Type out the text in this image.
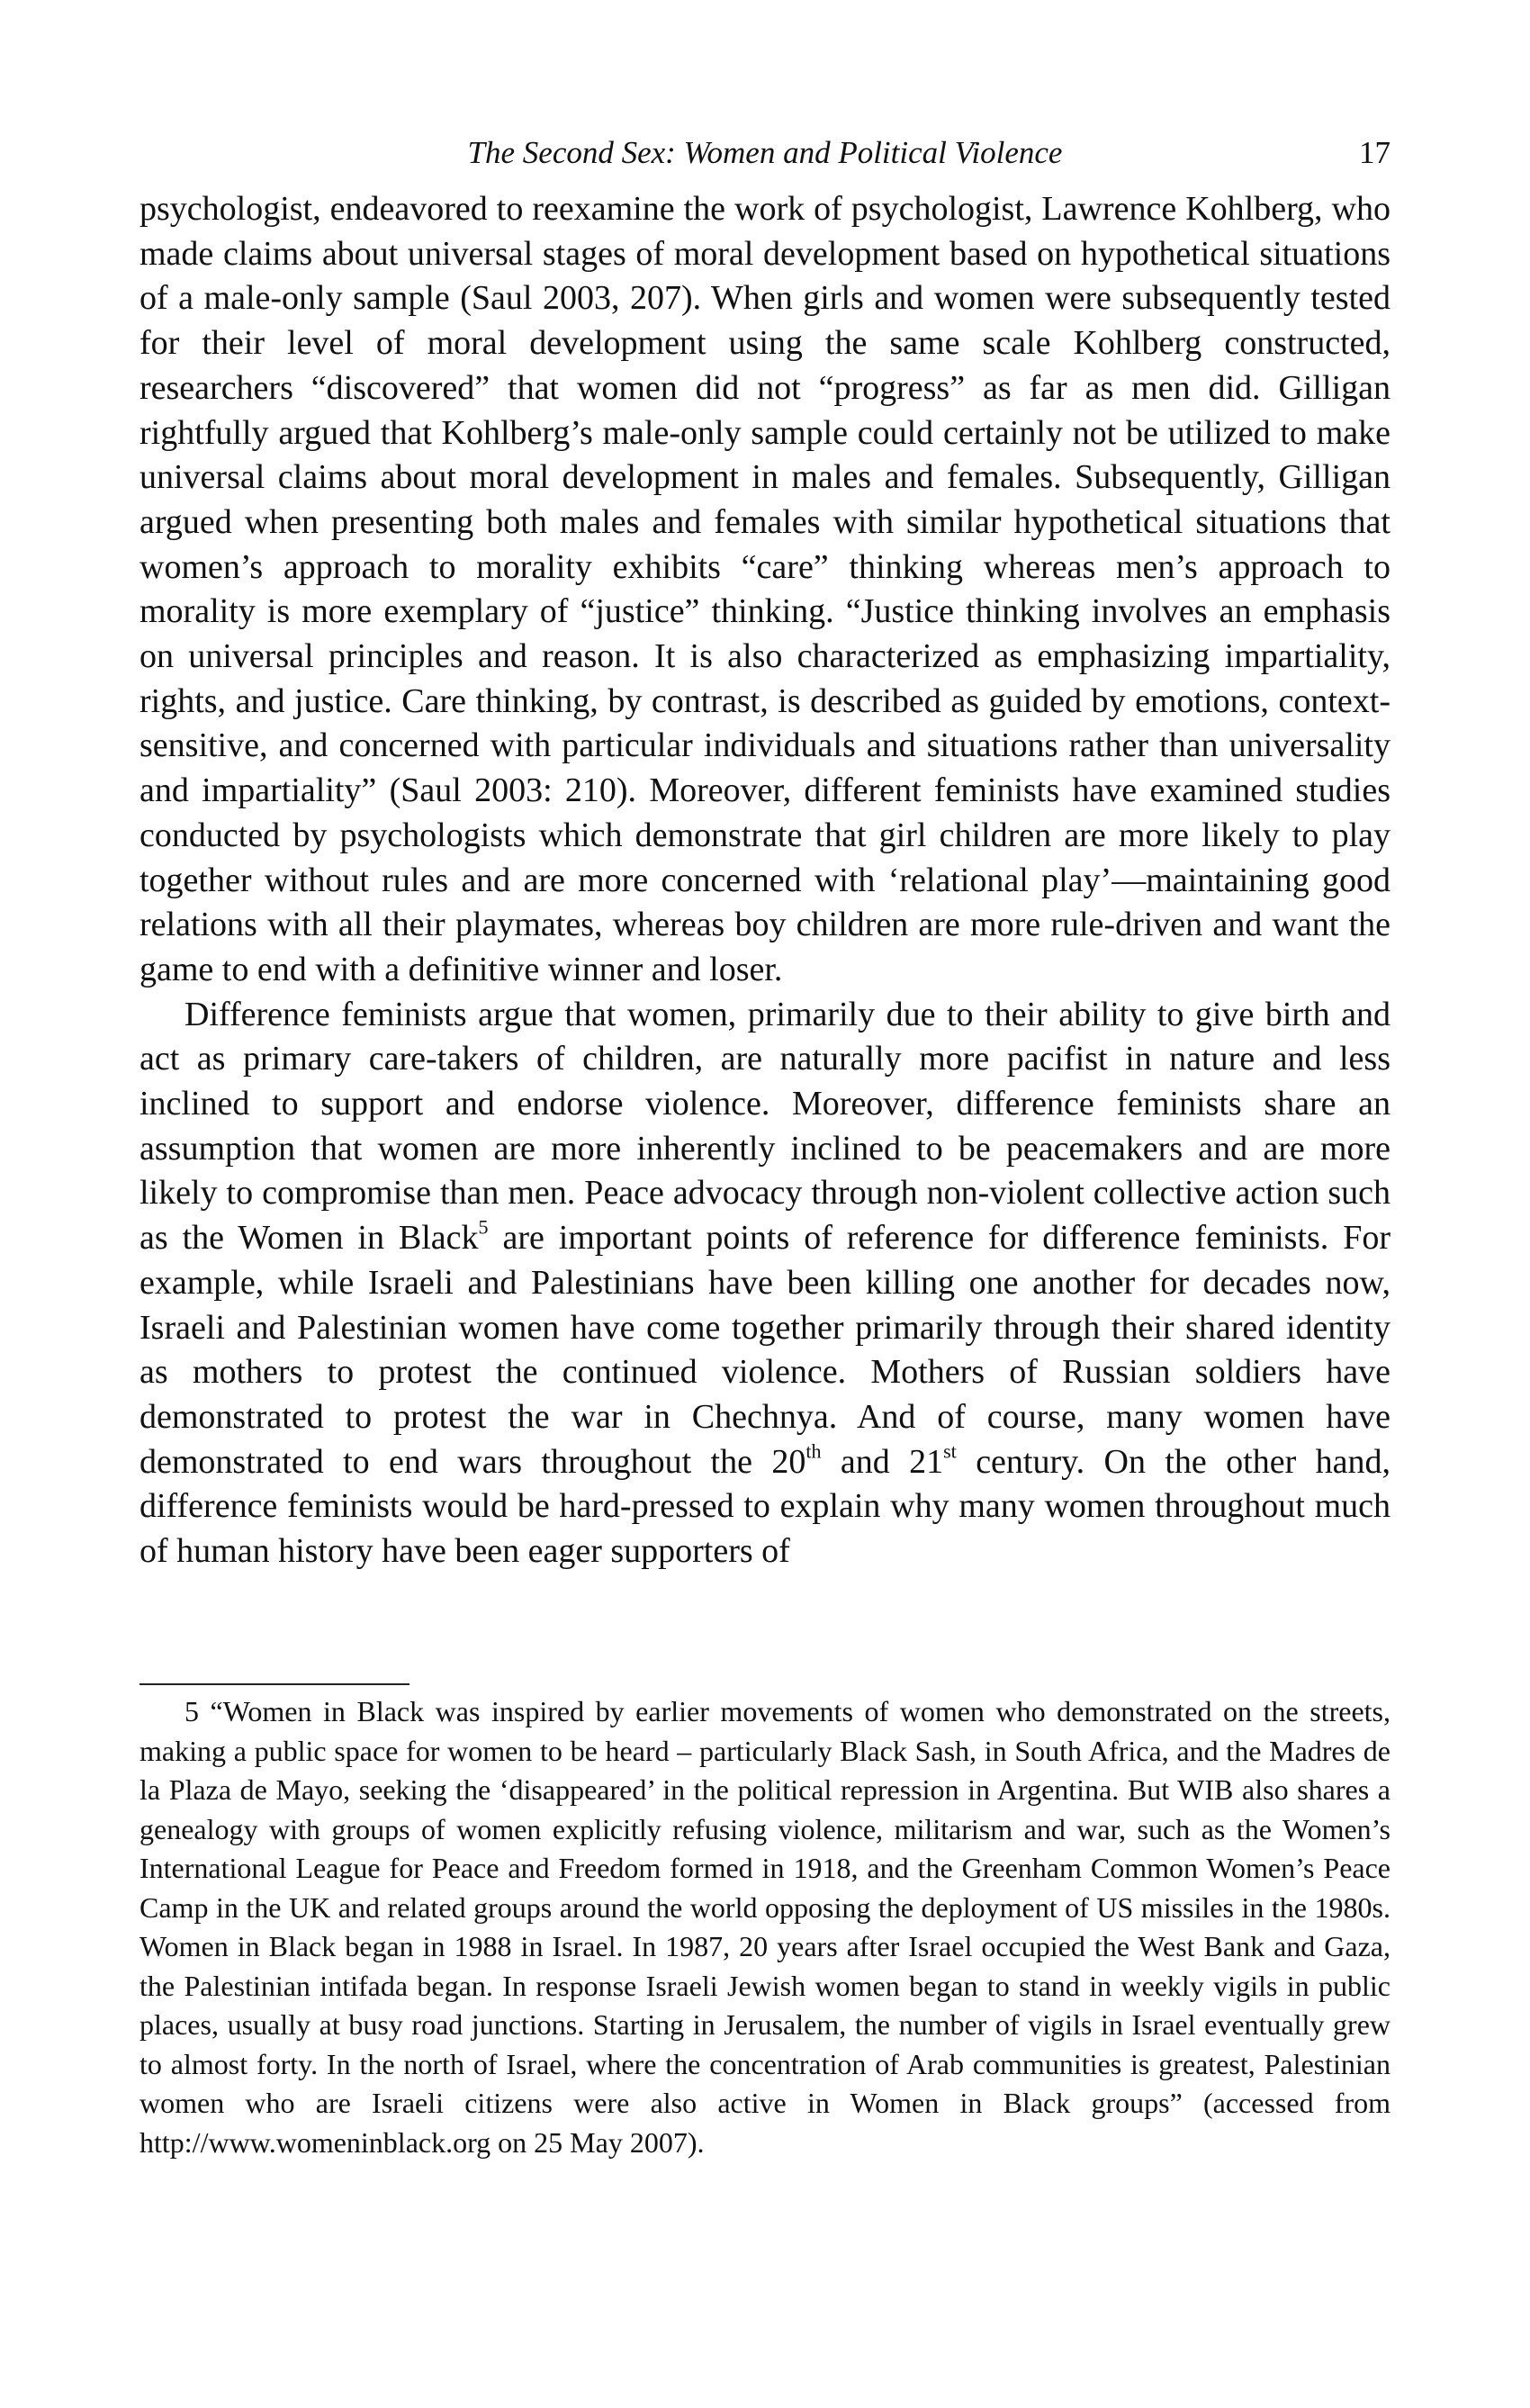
The Second Sex: Women and Political Violence	17

psychologist, endeavored to reexamine the work of psychologist, Lawrence Kohlberg, who made claims about universal stages of moral development based on hypothetical situations of a male-only sample (Saul 2003, 207). When girls and women were subsequently tested for their level of moral development using the same scale Kohlberg constructed, researchers “discovered” that women did not “progress” as far as men did. Gilligan rightfully argued that Kohlberg’s male-only sample could certainly not be utilized to make universal claims about moral development in males and females. Subsequently, Gilligan argued when presenting both males and females with similar hypothetical situations that women’s approach to morality exhibits “care” thinking whereas men’s approach to morality is more exemplary of “justice” thinking. “Justice thinking involves an emphasis on universal principles and reason. It is also characterized as emphasizing impartiality, rights, and justice. Care thinking, by contrast, is described as guided by emotions, context-sensitive, and concerned with particular individuals and situations rather than universality and impartiality” (Saul 2003: 210). Moreover, different feminists have examined studies conducted by psychologists which demonstrate that girl children are more likely to play together without rules and are more concerned with ‘relational play’—maintaining good relations with all their playmates, whereas boy children are more rule-driven and want the game to end with a definitive winner and loser.

Difference feminists argue that women, primarily due to their ability to give birth and act as primary care-takers of children, are naturally more pacifist in nature and less inclined to support and endorse violence. Moreover, difference feminists share an assumption that women are more inherently inclined to be peacemakers and are more likely to compromise than men. Peace advocacy through non-violent collective action such as the Women in Black$^5$ are important points of reference for difference feminists. For example, while Israeli and Palestinians have been killing one another for decades now, Israeli and Palestinian women have come together primarily through their shared identity as mothers to protest the continued violence. Mothers of Russian soldiers have demonstrated to protest the war in Chechnya. And of course, many women have demonstrated to end wars throughout the 20th and 21st century. On the other hand, difference feminists would be hard-pressed to explain why many women throughout much of human history have been eager supporters of

5 “Women in Black was inspired by earlier movements of women who demonstrated on the streets, making a public space for women to be heard – particularly Black Sash, in South Africa, and the Madres de la Plaza de Mayo, seeking the ‘disappeared’ in the political repression in Argentina. But WIB also shares a genealogy with groups of women explicitly refusing violence, militarism and war, such as the Women’s International League for Peace and Freedom formed in 1918, and the Greenham Common Women’s Peace Camp in the UK and related groups around the world opposing the deployment of US missiles in the 1980s. Women in Black began in 1988 in Israel. In 1987, 20 years after Israel occupied the West Bank and Gaza, the Palestinian intifada began. In response Israeli Jewish women began to stand in weekly vigils in public places, usually at busy road junctions. Starting in Jerusalem, the number of vigils in Israel eventually grew to almost forty. In the north of Israel, where the concentration of Arab communities is greatest, Palestinian women who are Israeli citizens were also active in Women in Black groups” (accessed from http://www.womeninblack.org on 25 May 2007).
